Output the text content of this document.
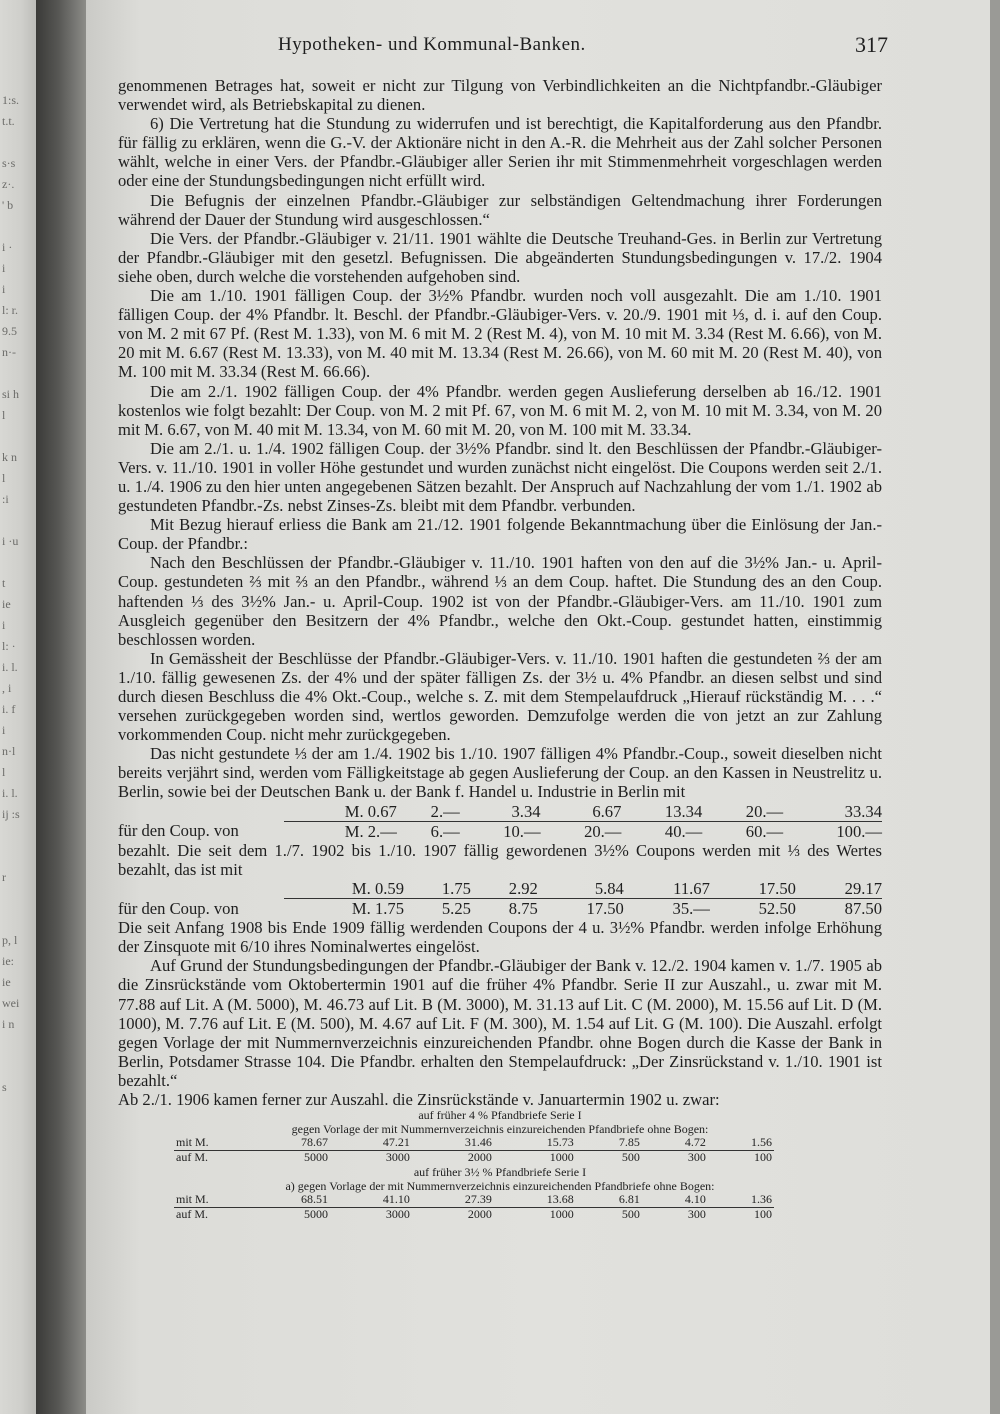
1:s.
t.t.
s·s
z·.
' b
i ·
i
i
l: r.
9.5
n·-
si h
l
k n
l
:i
i ·u
t
ie
i
l: ·
i. l.
, i
i. f
i
n·l
l
i. l.
ij :s
r
p, l
ie:
ie
wei
i n
s
Hypotheken- und Kommunal-Banken.	317

genommenen Betrages hat, soweit er nicht zur Tilgung von Verbindlichkeiten an die Nichtpfandbr.-Gläubiger verwendet wird, als Betriebskapital zu dienen.

6) Die Vertretung hat die Stundung zu widerrufen und ist berechtigt, die Kapitalforderung aus den Pfandbr. für fällig zu erklären, wenn die G.-V. der Aktionäre nicht in den A.-R. die Mehrheit aus der Zahl solcher Personen wählt, welche in einer Vers. der Pfandbr.-Gläubiger aller Serien ihr mit Stimmenmehrheit vorgeschlagen werden oder eine der Stundungsbedingungen nicht erfüllt wird.

Die Befugnis der einzelnen Pfandbr.-Gläubiger zur selbständigen Geltendmachung ihrer Forderungen während der Dauer der Stundung wird ausgeschlossen.“

Die Vers. der Pfandbr.-Gläubiger v. 21/11. 1901 wählte die Deutsche Treuhand-Ges. in Berlin zur Vertretung der Pfandbr.-Gläubiger mit den gesetzl. Befugnissen. Die abgeänderten Stundungsbedingungen v. 17./2. 1904 siehe oben, durch welche die vorstehenden aufgehoben sind.

Die am 1./10. 1901 fälligen Coup. der 3½% Pfandbr. wurden noch voll ausgezahlt. Die am 1./10. 1901 fälligen Coup. der 4% Pfandbr. lt. Beschl. der Pfandbr.-Gläubiger-Vers. v. 20./9. 1901 mit ⅓, d. i. auf den Coup. von M. 2 mit 67 Pf. (Rest M. 1.33), von M. 6 mit M. 2 (Rest M. 4), von M. 10 mit M. 3.34 (Rest M. 6.66), von M. 20 mit M. 6.67 (Rest M. 13.33), von M. 40 mit M. 13.34 (Rest M. 26.66), von M. 60 mit M. 20 (Rest M. 40), von M. 100 mit M. 33.34 (Rest M. 66.66).

Die am 2./1. 1902 fälligen Coup. der 4% Pfandbr. werden gegen Auslieferung derselben ab 16./12. 1901 kostenlos wie folgt bezahlt: Der Coup. von M. 2 mit Pf. 67, von M. 6 mit M. 2, von M. 10 mit M. 3.34, von M. 20 mit M. 6.67, von M. 40 mit M. 13.34, von M. 60 mit M. 20, von M. 100 mit M. 33.34.

Die am 2./1. u. 1./4. 1902 fälligen Coup. der 3½% Pfandbr. sind lt. den Beschlüssen der Pfandbr.-Gläubiger-Vers. v. 11./10. 1901 in voller Höhe gestundet und wurden zunächst nicht eingelöst. Die Coupons werden seit 2./1. u. 1./4. 1906 zu den hier unten angegebenen Sätzen bezahlt. Der Anspruch auf Nachzahlung der vom 1./1. 1902 ab gestundeten Pfandbr.-Zs. nebst Zinses-Zs. bleibt mit dem Pfandbr. verbunden.

Mit Bezug hierauf erliess die Bank am 21./12. 1901 folgende Bekanntmachung über die Einlösung der Jan.-Coup. der Pfandbr.:

Nach den Beschlüssen der Pfandbr.-Gläubiger v. 11./10. 1901 haften von den auf die 3½% Jan.- u. April-Coup. gestundeten ⅔ mit ⅔ an den Pfandbr., während ⅓ an dem Coup. haftet. Die Stundung des an den Coup. haftenden ⅓ des 3½% Jan.- u. April-Coup. 1902 ist von der Pfandbr.-Gläubiger-Vers. am 11./10. 1901 zum Ausgleich gegenüber den Besitzern der 4% Pfandbr., welche den Okt.-Coup. gestundet hatten, einstimmig beschlossen worden.

In Gemässheit der Beschlüsse der Pfandbr.-Gläubiger-Vers. v. 11./10. 1901 haften die gestundeten ⅔ der am 1./10. fällig gewesenen Zs. der 4% und der später fälligen Zs. der 3½ u. 4% Pfandbr. an diesen selbst und sind durch diesen Beschluss die 4% Okt.-Coup., welche s. Z. mit dem Stempelaufdruck „Hierauf rückständig M. . . .“ versehen zurückgegeben worden sind, wertlos geworden. Demzufolge werden die von jetzt an zur Zahlung vorkommenden Coup. nicht mehr zurückgegeben.

Das nicht gestundete ⅓ der am 1./4. 1902 bis 1./10. 1907 fälligen 4% Pfandbr.-Coup., soweit dieselben nicht bereits verjährt sind, werden vom Fälligkeitstage ab gegen Auslieferung der Coup. an den Kassen in Neustrelitz u. Berlin, sowie bei der Deutschen Bank u. der Bank f. Handel u. Industrie in Berlin mit

	M. 0.67	2.—	3.34	6.67	13.34	20.—	33.34
für den Coup. von	M. 2.—	6.—	10.—	20.—	40.—	60.—	100.—

bezahlt. Die seit dem 1./7. 1902 bis 1./10. 1907 fällig gewordenen 3½% Coupons werden mit ⅓ des Wertes bezahlt, das ist mit

	M. 0.59	1.75	2.92	5.84	11.67	17.50	29.17
für den Coup. von	M. 1.75	5.25	8.75	17.50	35.—	52.50	87.50

Die seit Anfang 1908 bis Ende 1909 fällig werdenden Coupons der 4 u. 3½% Pfandbr. werden infolge Erhöhung der Zinsquote mit 6/10 ihres Nominalwertes eingelöst.

Auf Grund der Stundungsbedingungen der Pfandbr.-Gläubiger der Bank v. 12./2. 1904 kamen v. 1./7. 1905 ab die Zinsrückstände vom Oktobertermin 1901 auf die früher 4% Pfandbr. Serie II zur Auszahl., u. zwar mit M. 77.88 auf Lit. A (M. 5000), M. 46.73 auf Lit. B (M. 3000), M. 31.13 auf Lit. C (M. 2000), M. 15.56 auf Lit. D (M. 1000), M. 7.76 auf Lit. E (M. 500), M. 4.67 auf Lit. F (M. 300), M. 1.54 auf Lit. G (M. 100). Die Auszahl. erfolgt gegen Vorlage der mit Nummernverzeichnis einzureichenden Pfandbr. ohne Bogen durch die Kasse der Bank in Berlin, Potsdamer Strasse 104. Die Pfandbr. erhalten den Stempelaufdruck: „Der Zinsrückstand v. 1./10. 1901 ist bezahlt.“

Ab 2./1. 1906 kamen ferner zur Auszahl. die Zinsrückstände v. Januartermin 1902 u. zwar:

auf früher 4 % Pfandbriefe Serie I
gegen Vorlage der mit Nummernverzeichnis einzureichenden Pfandbriefe ohne Bogen:
mit M.	78.67	47.21	31.46	15.73	7.85	4.72	1.56
auf M.	5000	3000	2000	1000	500	300	100
auf früher 3½ % Pfandbriefe Serie I
a) gegen Vorlage der mit Nummernverzeichnis einzureichenden Pfandbriefe ohne Bogen:
mit M.	68.51	41.10	27.39	13.68	6.81	4.10	1.36
auf M.	5000	3000	2000	1000	500	300	100
